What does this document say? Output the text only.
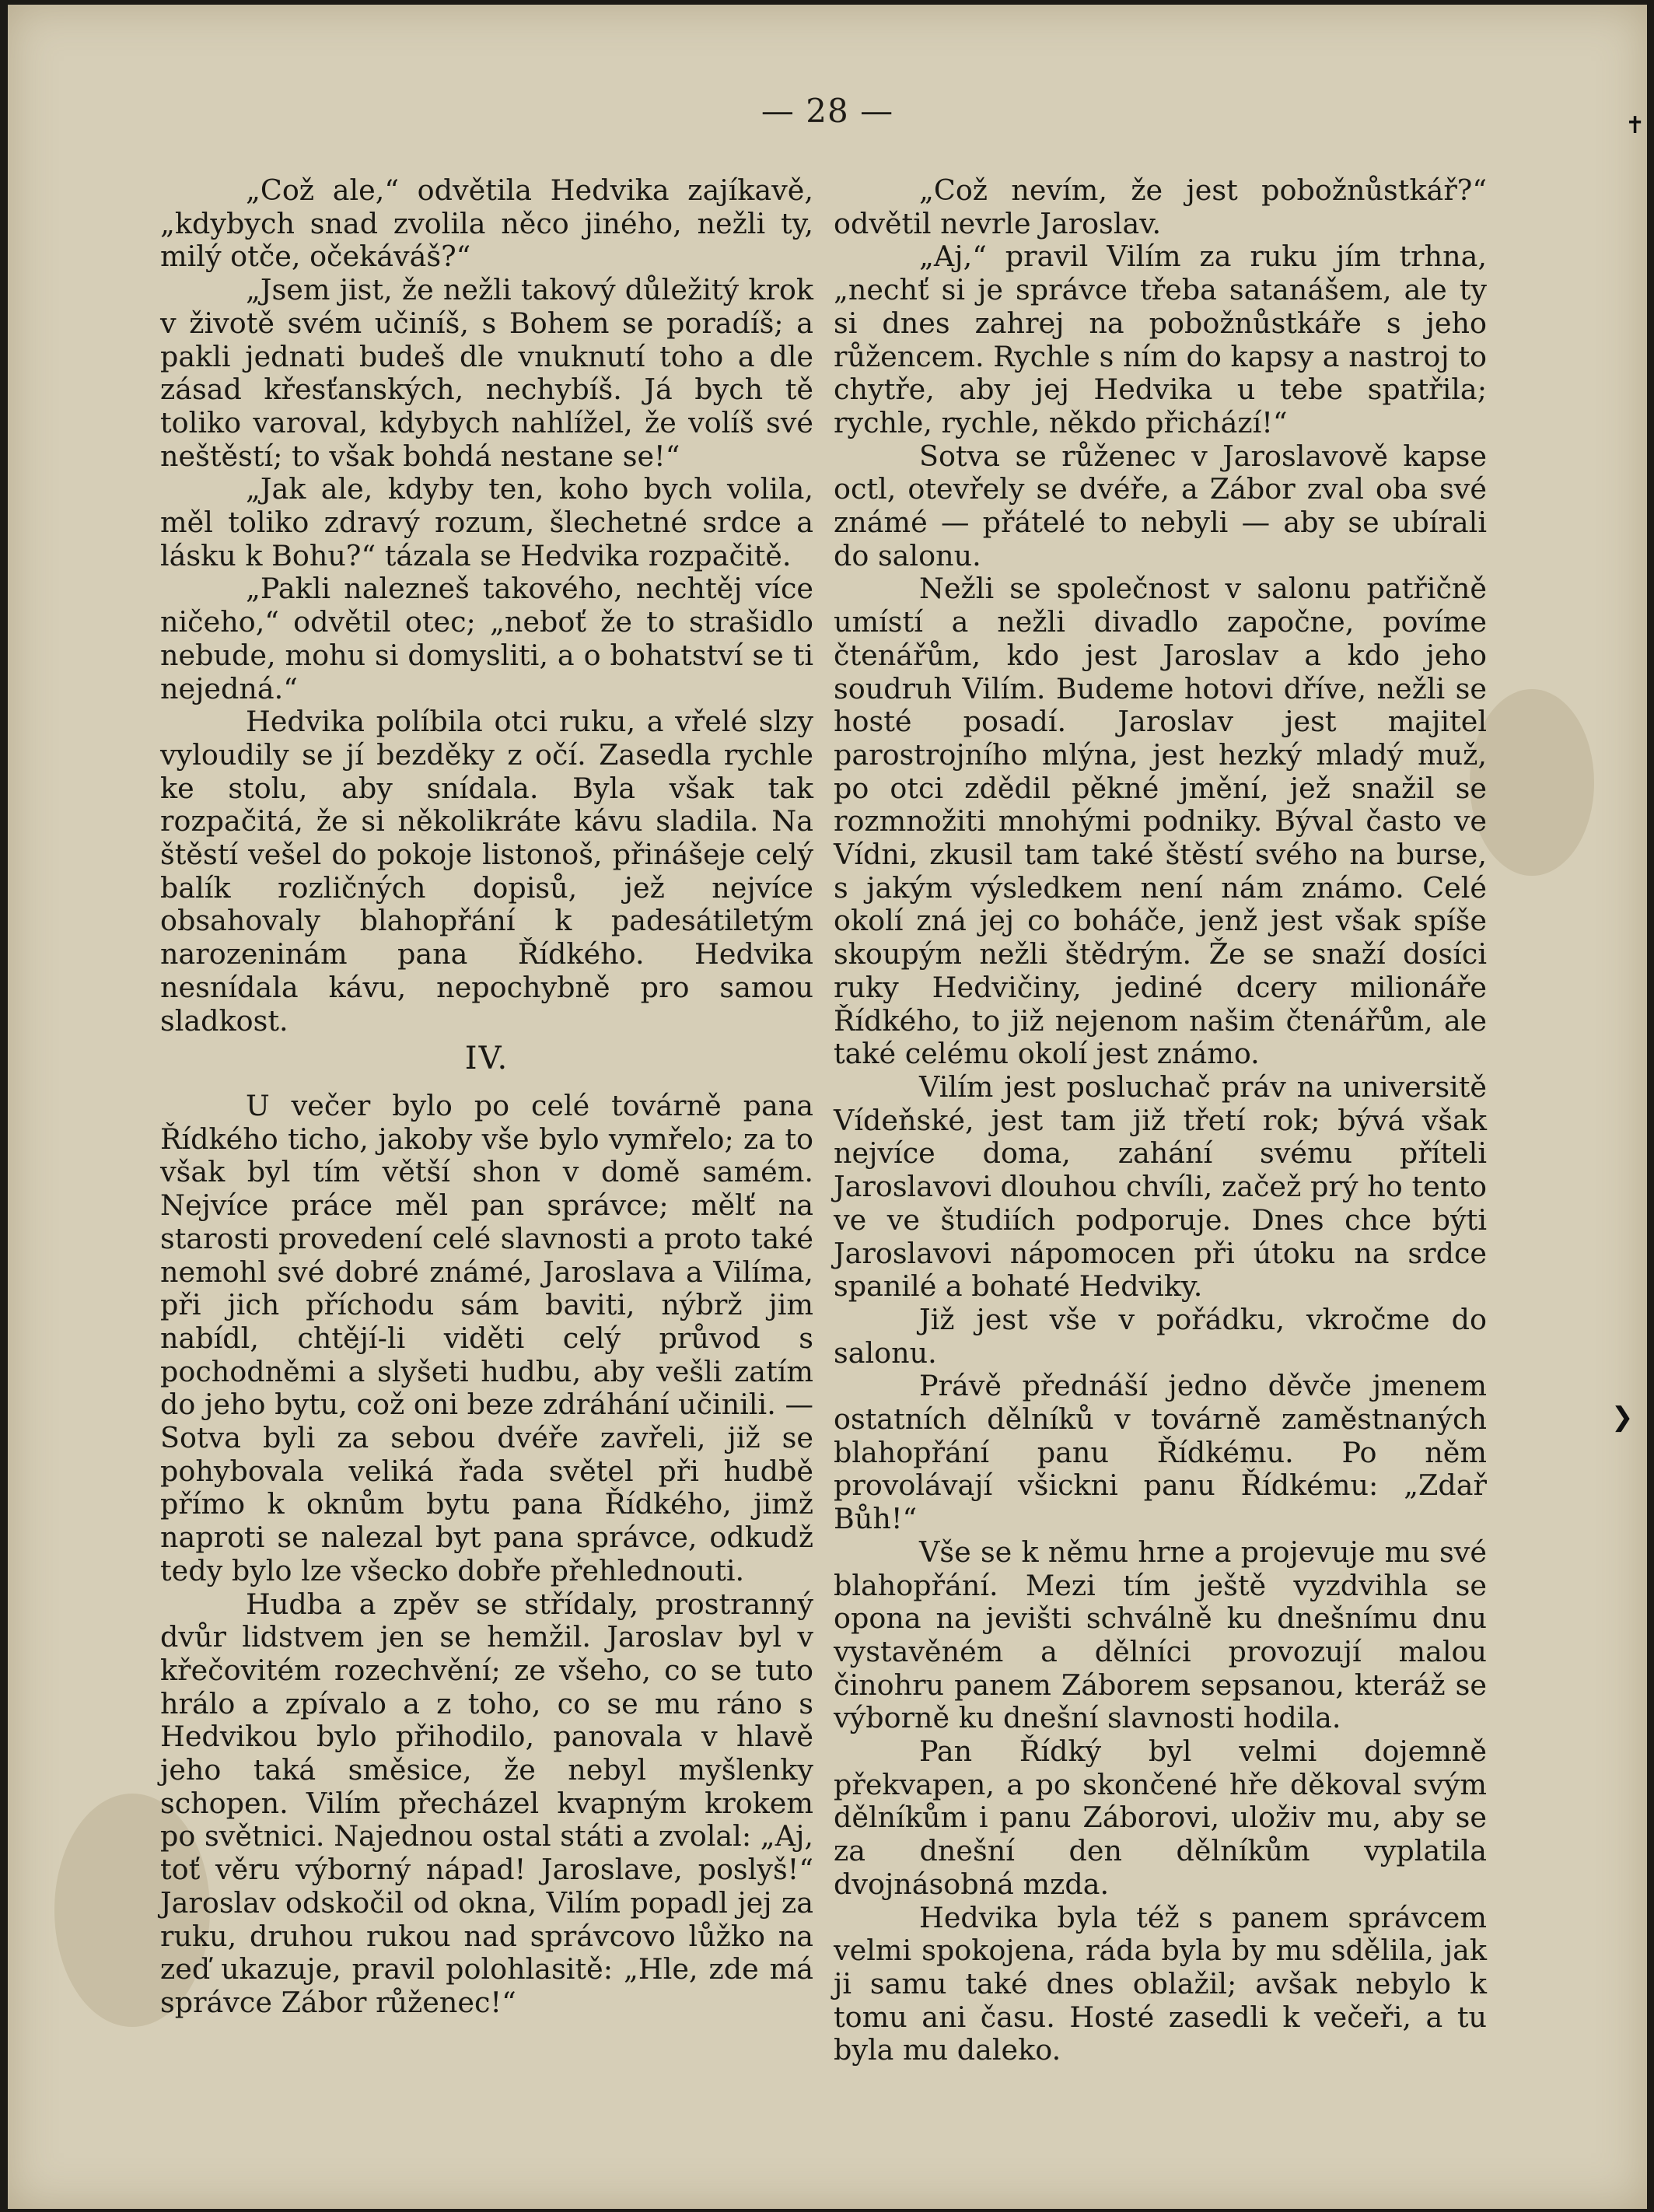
— 28 —

„Což ale,“ odvětila Hedvika zajíkavě, „kdybych snad zvolila něco jiného, nežli ty, milý otče, očekáváš?“

„Jsem jist, že nežli takový důležitý krok v životě svém učiníš, s Bohem se poradíš; a pakli jednati budeš dle vnuknutí toho a dle zásad křesťanských, nechybíš. Já bych tě toliko varoval, kdybych nahlížel, že volíš své neštěstí; to však bohdá nestane se!“

„Jak ale, kdyby ten, koho bych volila, měl toliko zdravý rozum, šlechetné srdce a lásku k Bohu?“ tázala se Hedvika rozpačitě.

„Pakli nalezneš takového, nechtěj více ničeho,“ odvětil otec; „neboť že to strašidlo nebude, mohu si domysliti, a o bohatství se ti nejedná.“

Hedvika políbila otci ruku, a vřelé slzy vyloudily se jí bezděky z očí. Zasedla rychle ke stolu, aby snídala. Byla však tak rozpačitá, že si několikráte kávu sladila. Na štěstí vešel do pokoje listonoš, přinášeje celý balík rozličných dopisů, jež nejvíce obsahovaly blahopřání k padesátiletým narozeninám pana Řídkého. Hedvika nesnídala kávu, nepochybně pro samou sladkost.

IV.

U večer bylo po celé továrně pana Řídkého ticho, jakoby vše bylo vymřelo; za to však byl tím větší shon v domě samém. Nejvíce práce měl pan správce; mělť na starosti provedení celé slavnosti a proto také nemohl své dobré známé, Jaroslava a Vilíma, při jich příchodu sám baviti, nýbrž jim nabídl, chtějí-li viděti celý průvod s pochodněmi a slyšeti hudbu, aby vešli zatím do jeho bytu, což oni beze zdráhání učinili. — Sotva byli za sebou dvéře zavřeli, již se pohybovala veliká řada světel při hudbě přímo k oknům bytu pana Řídkého, jimž naproti se nalezal byt pana správce, odkudž tedy bylo lze všecko dobře přehlednouti.

Hudba a zpěv se střídaly, prostranný dvůr lidstvem jen se hemžil. Jaroslav byl v křečovitém rozechvění; ze všeho, co se tuto hrálo a zpívalo a z toho, co se mu ráno s Hedvikou bylo přihodilo, panovala v hlavě jeho taká směsice, že nebyl myšlenky schopen. Vilím přecházel kvapným krokem po světnici. Najednou ostal státi a zvolal: „Aj, toť věru výborný nápad! Jaroslave, poslyš!“ Jaroslav odskočil od okna, Vilím popadl jej za ruku, druhou rukou nad správcovo lůžko na zeď ukazuje, pravil polohlasitě: „Hle, zde má správce Zábor růženec!“

„Což nevím, že jest pobožnůstkář?“ odvětil nevrle Jaroslav.

„Aj,“ pravil Vilím za ruku jím trhna, „nechť si je správce třeba satanášem, ale ty si dnes zahrej na pobožnůstkáře s jeho růžencem. Rychle s ním do kapsy a nastroj to chytře, aby jej Hedvika u tebe spatřila; rychle, rychle, někdo přichází!“

Sotva se růženec v Jaroslavově kapse octl, otevřely se dvéře, a Zábor zval oba své známé — přátelé to nebyli — aby se ubírali do salonu.

Nežli se společnost v salonu patřičně umístí a nežli divadlo započne, povíme čtenářům, kdo jest Jaroslav a kdo jeho soudruh Vilím. Budeme hotovi dříve, nežli se hosté posadí. Jaroslav jest majitel parostrojního mlýna, jest hezký mladý muž, po otci zdědil pěkné jmění, jež snažil se rozmnožiti mnohými podniky. Býval často ve Vídni, zkusil tam také štěstí svého na burse, s jakým výsledkem není nám známo. Celé okolí zná jej co boháče, jenž jest však spíše skoupým nežli štědrým. Že se snaží dosíci ruky Hedvičiny, jediné dcery milionáře Řídkého, to již nejenom našim čtenářům, ale také celému okolí jest známo.

Vilím jest posluchač práv na universitě Vídeňské, jest tam již třetí rok; bývá však nejvíce doma, zahání svému příteli Jaroslavovi dlouhou chvíli, začež prý ho tento ve ve študiích podporuje. Dnes chce býti Jaroslavovi nápomocen při útoku na srdce spanilé a bohaté Hedviky.

Již jest vše v pořádku, vkročme do salonu.

Právě přednáší jedno děvče jmenem ostatních dělníků v továrně zaměstnaných blahopřání panu Řídkému. Po něm provolávají všickni panu Řídkému: „Zdař Bůh!“

Vše se k němu hrne a projevuje mu své blahopřání. Mezi tím ještě vyzdvihla se opona na jevišti schválně ku dnešnímu dnu vystavěném a dělníci provozují malou činohru panem Záborem sepsanou, kteráž se výborně ku dnešní slavnosti hodila.

Pan Řídký byl velmi dojemně překvapen, a po skončené hře děkoval svým dělníkům i panu Záborovi, uloživ mu, aby se za dnešní den dělníkům vyplatila dvojnásobná mzda.

Hedvika byla též s panem správcem velmi spokojena, ráda byla by mu sdělila, jak ji samu také dnes oblažil; avšak nebylo k tomu ani času. Hosté zasedli k večeři, a tu byla mu daleko.

✝
❯
